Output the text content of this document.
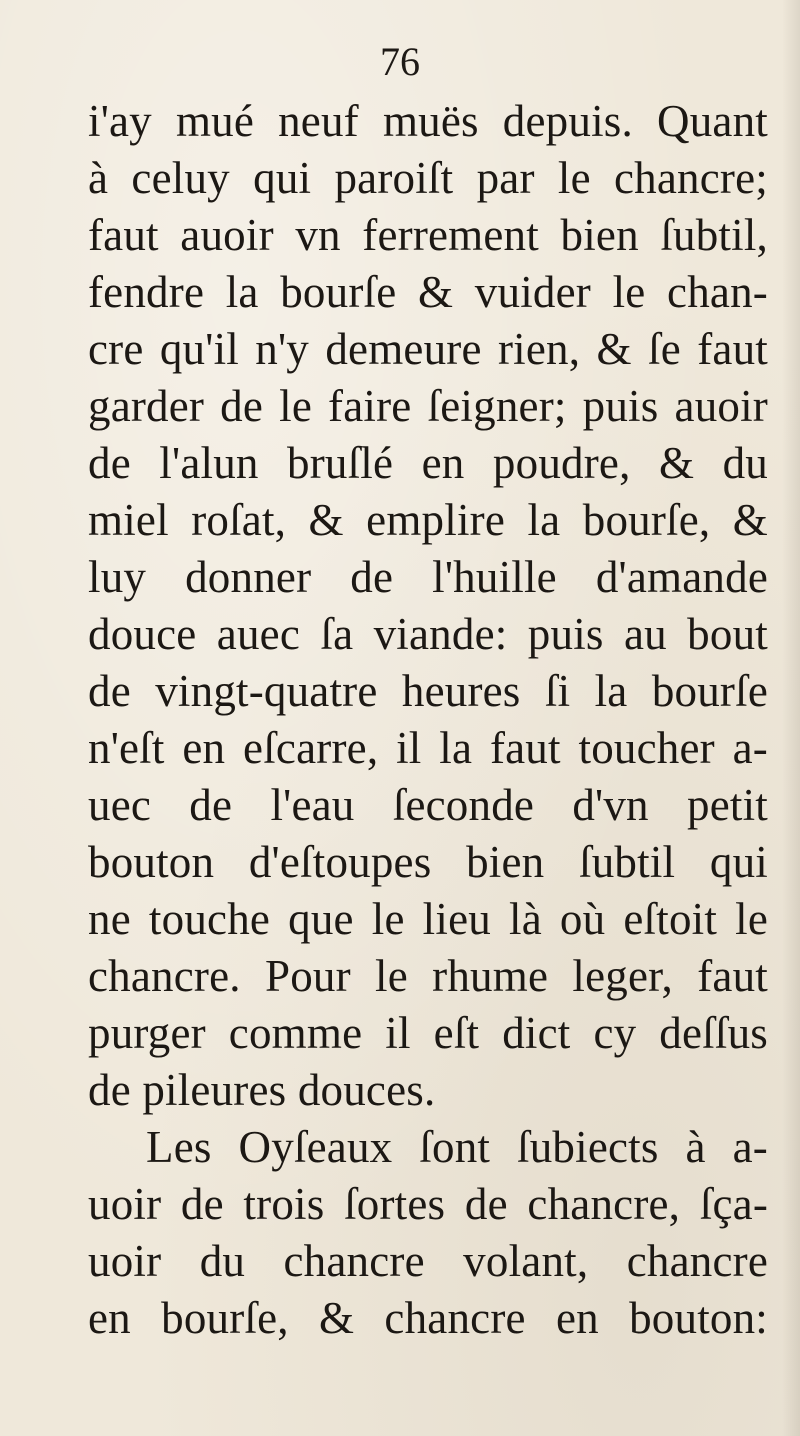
76
i'ay mué neuf muës depuis. Quant
à celuy qui paroiſt par le chancre;
faut auoir vn ferrement bien ſubtil,
fendre la bourſe & vuider le chan-
cre qu'il n'y demeure rien, & ſe faut
garder de le faire ſeigner; puis auoir
de l'alun bruſlé en poudre, & du
miel roſat, & emplire la bourſe, &
luy donner de l'huille d'amande
douce auec ſa viande: puis au bout
de vingt-quatre heures ſi la bourſe
n'eſt en eſcarre, il la faut toucher a-
uec de l'eau ſeconde d'vn petit
bouton d'eſtoupes bien ſubtil qui
ne touche que le lieu là où eſtoit le
chancre. Pour le rhume leger, faut
purger comme il eſt dict cy deſſus
de pileures douces.
Les Oyſeaux ſont ſubiects à a-
uoir de trois ſortes de chancre, ſça-
uoir du chancre volant, chancre
en bourſe, & chancre en bouton:
